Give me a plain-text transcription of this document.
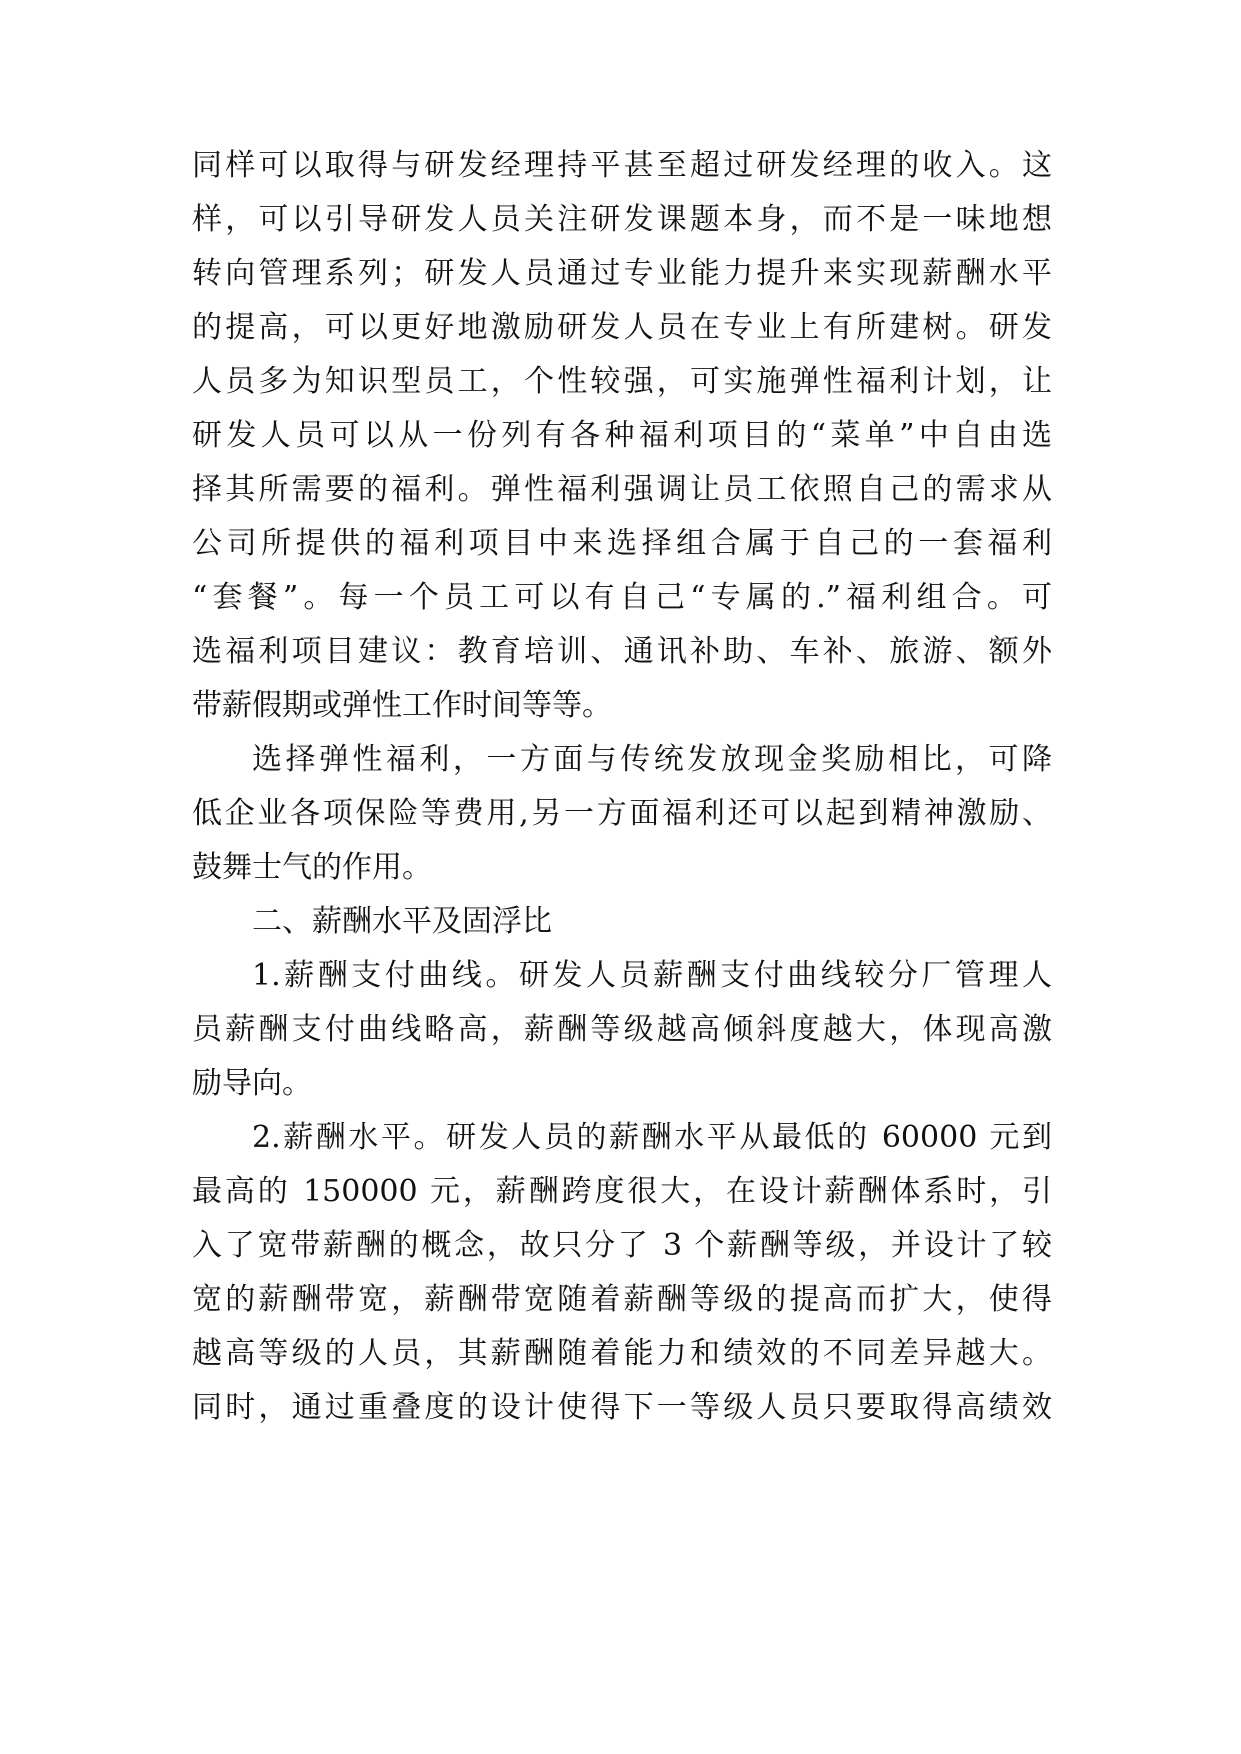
同样可以取得与研发经理持平甚至超过研发经理的收入。这

样，可以引导研发人员关注研发课题本身，而不是一味地想

转向管理系列；研发人员通过专业能力提升来实现薪酬水平

的提高，可以更好地激励研发人员在专业上有所建树。研发

人员多为知识型员工，个性较强，可实施弹性福利计划，让

研发人员可以从一份列有各种福利项目的“菜单”中自由选

择其所需要的福利。弹性福利强调让员工依照自己的需求从

公司所提供的福利项目中来选择组合属于自己的一套福利

“套餐”。每一个员工可以有自己“专属的.”福利组合。可

选福利项目建议：教育培训、通讯补助、车补、旅游、额外

带薪假期或弹性工作时间等等。

选择弹性福利，一方面与传统发放现金奖励相比，可降

低企业各项保险等费用,另一方面福利还可以起到精神激励、

鼓舞士气的作用。

二、薪酬水平及固浮比

1.薪酬支付曲线。研发人员薪酬支付曲线较分厂管理人

员薪酬支付曲线略高，薪酬等级越高倾斜度越大，体现高激

励导向。

2.薪酬水平。研发人员的薪酬水平从最低的 60000 元到

最高的 150000 元，薪酬跨度很大，在设计薪酬体系时，引

入了宽带薪酬的概念，故只分了 3 个薪酬等级，并设计了较

宽的薪酬带宽，薪酬带宽随着薪酬等级的提高而扩大，使得

越高等级的人员，其薪酬随着能力和绩效的不同差异越大。

同时，通过重叠度的设计使得下一等级人员只要取得高绩效
